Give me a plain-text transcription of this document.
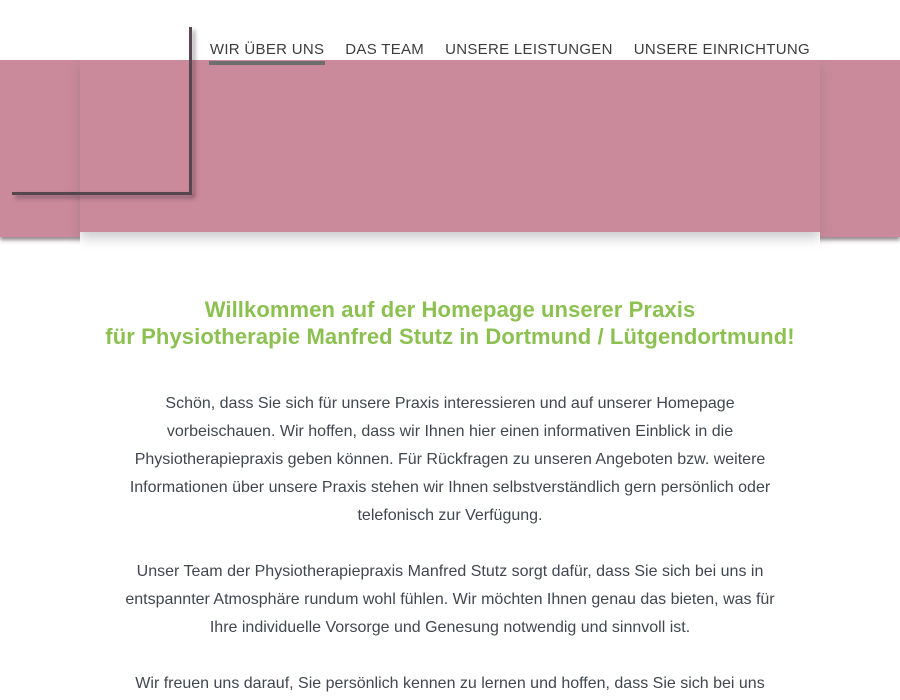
WIR ÜBER UNS DAS TEAM UNSERE LEISTUNGEN UNSERE EINRICHTUNG
Willkommen auf der Homepage unserer Praxis
für Physiotherapie Manfred Stutz in Dortmund / Lütgendortmund!

Schön, dass Sie sich für unsere Praxis interessieren und auf unserer Homepage vorbeischauen. Wir hoffen, dass wir Ihnen hier einen informativen Einblick in die Physiotherapiepraxis geben können. Für Rückfragen zu unseren Angeboten bzw. weitere Informationen über unsere Praxis stehen wir Ihnen selbstverständlich gern persönlich oder telefonisch zur Verfügung.

Unser Team der Physiotherapiepraxis Manfred Stutz sorgt dafür, dass Sie sich bei uns in entspannter Atmosphäre rundum wohl fühlen. Wir möchten Ihnen genau das bieten, was für Ihre individuelle Vorsorge und Genesung notwendig und sinnvoll ist.

Wir freuen uns darauf, Sie persönlich kennen zu lernen und hoffen, dass Sie sich bei uns
